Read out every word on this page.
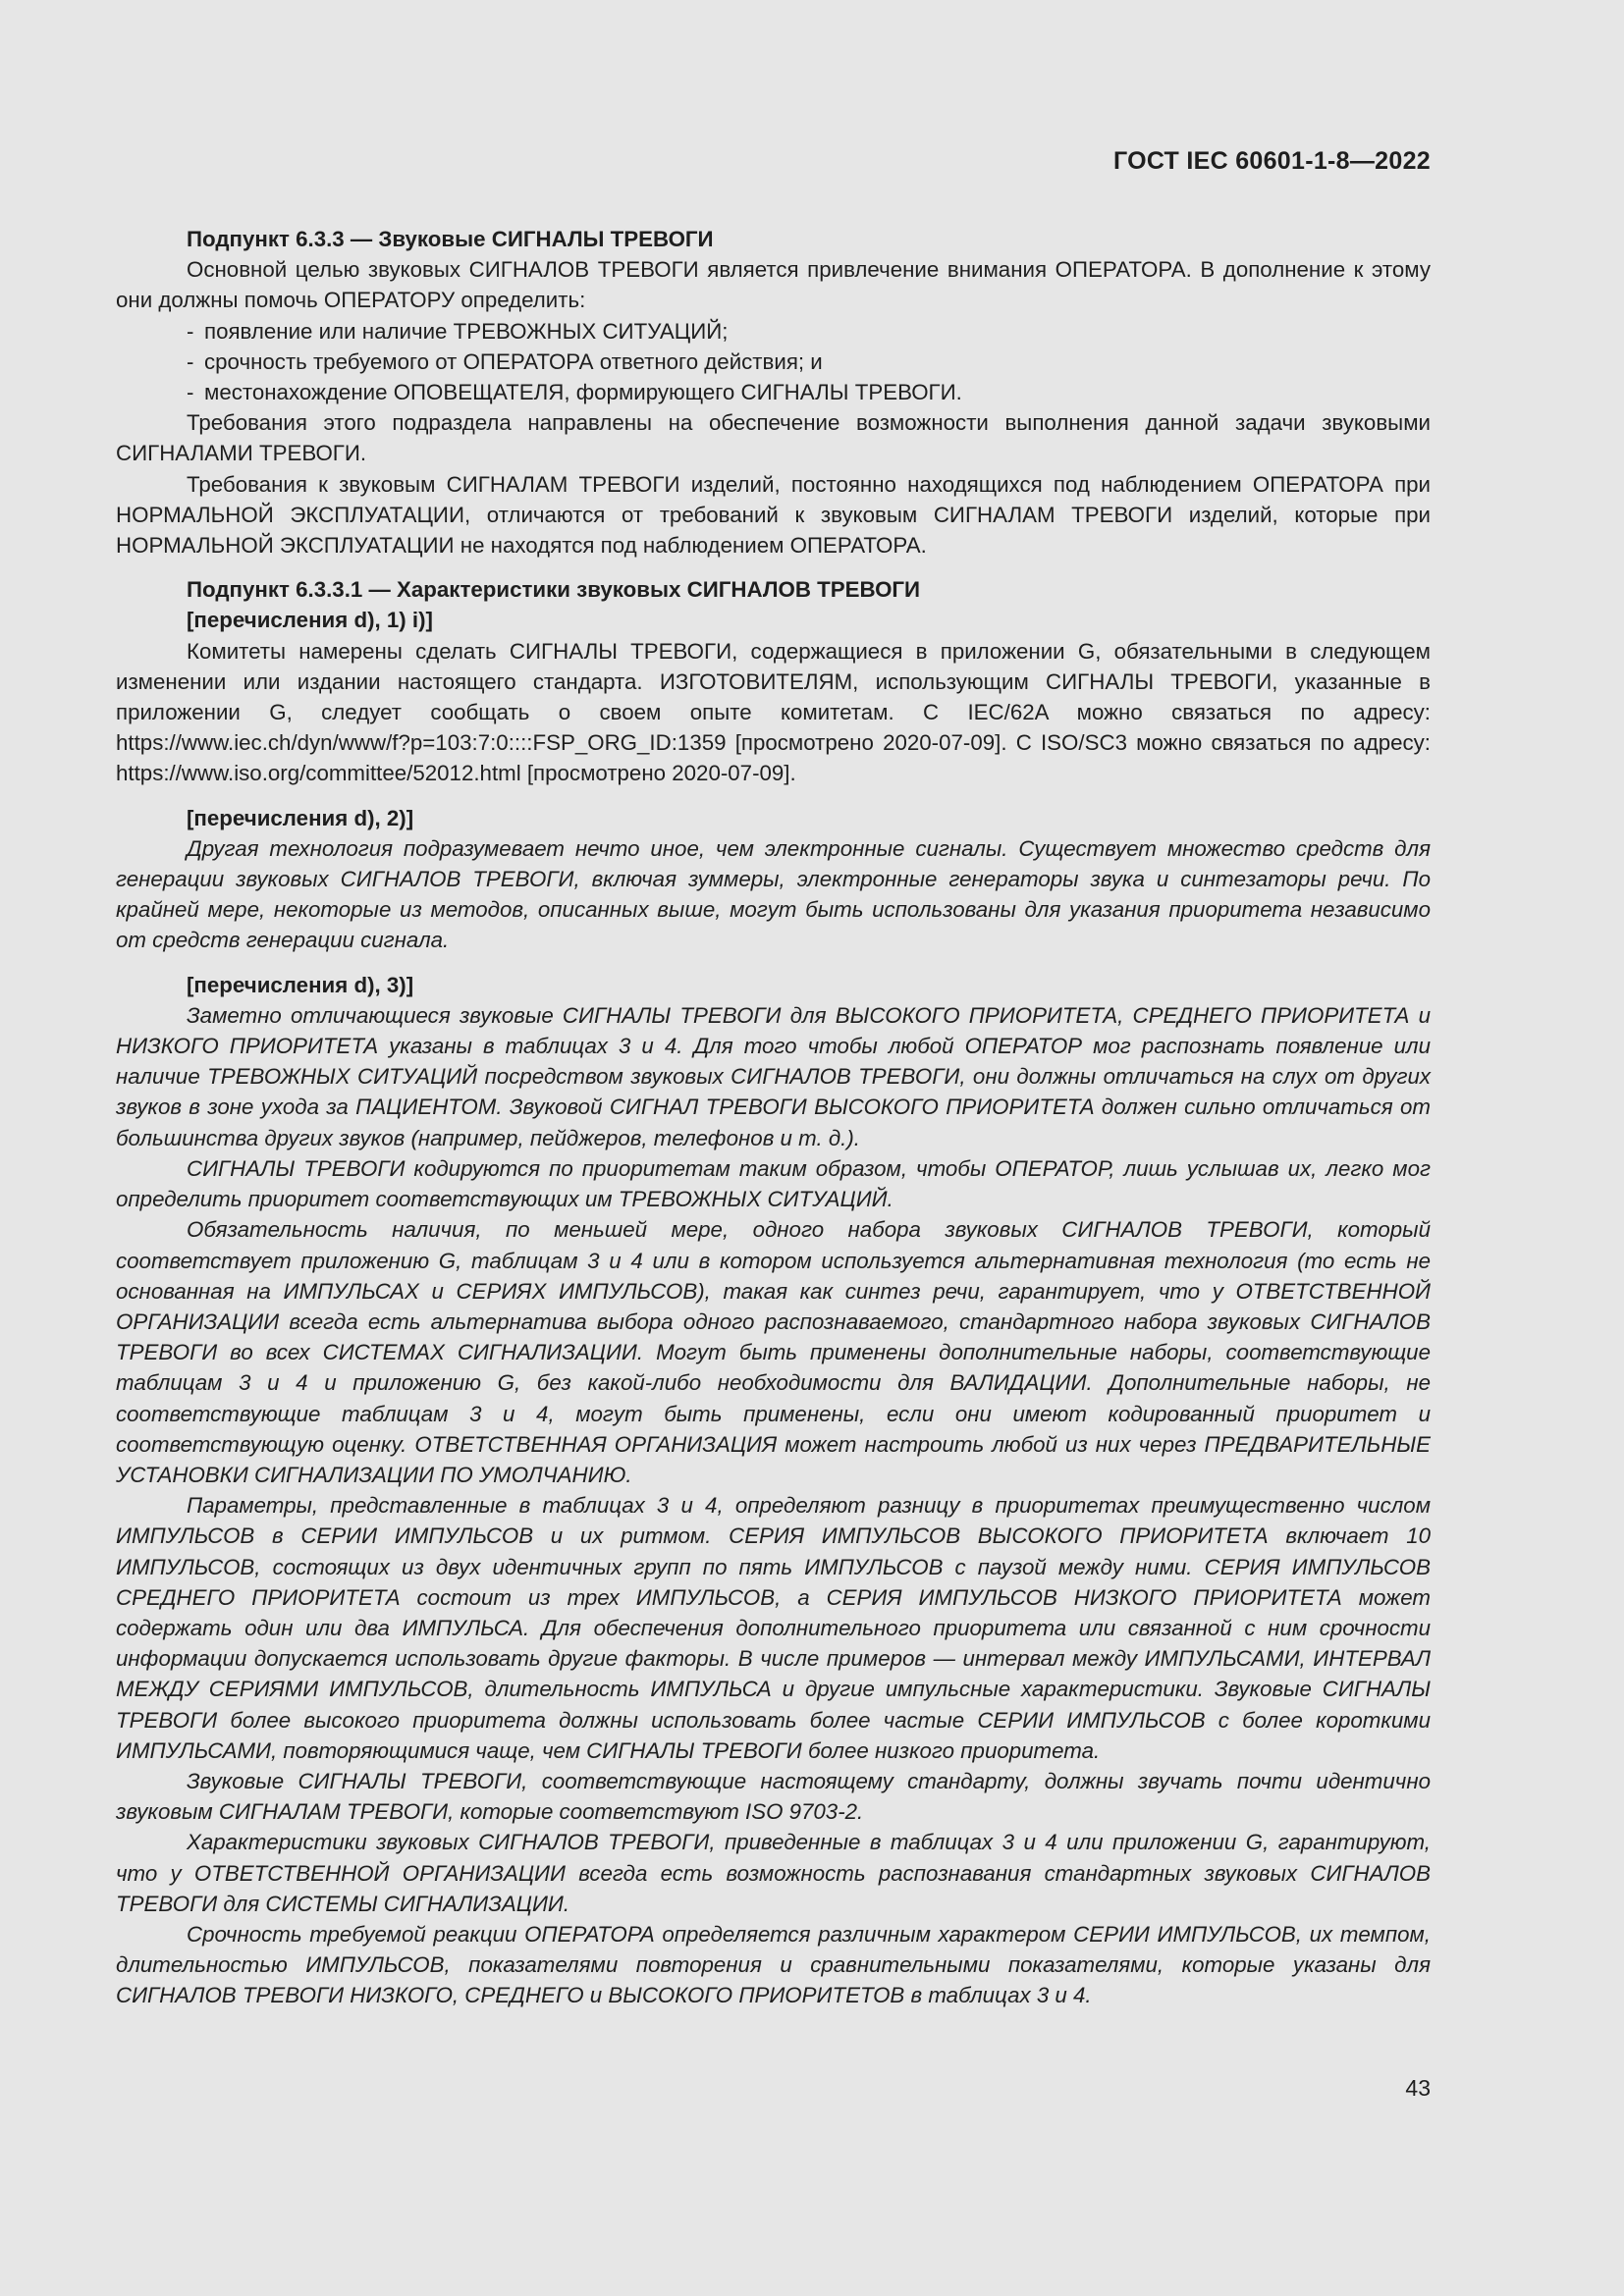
ГОСТ IEC 60601-1-8—2022

Подпункт 6.3.3 — Звуковые СИГНАЛЫ ТРЕВОГИ

Основной целью звуковых СИГНАЛОВ ТРЕВОГИ является привлечение внимания ОПЕРАТОРА. В дополнение к этому они должны помочь ОПЕРАТОРУ определить:

- появление или наличие ТРЕВОЖНЫХ СИТУАЦИЙ;

- срочность требуемого от ОПЕРАТОРА ответного действия; и

- местонахождение ОПОВЕЩАТЕЛЯ, формирующего СИГНАЛЫ ТРЕВОГИ.

Требования этого подраздела направлены на обеспечение возможности выполнения данной задачи звуковыми СИГНАЛАМИ ТРЕВОГИ.

Требования к звуковым СИГНАЛАМ ТРЕВОГИ изделий, постоянно находящихся под наблюдением ОПЕРАТОРА при НОРМАЛЬНОЙ ЭКСПЛУАТАЦИИ, отличаются от требований к звуковым СИГНАЛАМ ТРЕВОГИ изделий, которые при НОРМАЛЬНОЙ ЭКСПЛУАТАЦИИ не находятся под наблюдением ОПЕРАТОРА.

Подпункт 6.3.3.1 — Характеристики звуковых СИГНАЛОВ ТРЕВОГИ

[перечисления d), 1) i)]

Комитеты намерены сделать СИГНАЛЫ ТРЕВОГИ, содержащиеся в приложении G, обязательными в следующем изменении или издании настоящего стандарта. ИЗГОТОВИТЕЛЯМ, использующим СИГНАЛЫ ТРЕВОГИ, указанные в приложении G, следует сообщать о своем опыте комитетам. С IEC/62A можно связаться по адресу: https://www.iec.ch/dyn/www/f?p=103:7:0::::FSP_ORG_ID:1359 [просмотрено 2020-07-09]. С ISO/SC3 можно связаться по адресу: https://www.iso.org/committee/52012.html [просмотрено 2020-07-09].

[перечисления d), 2)]

Другая технология подразумевает нечто иное, чем электронные сигналы. Существует множество средств для генерации звуковых СИГНАЛОВ ТРЕВОГИ, включая зуммеры, электронные генераторы звука и синтезаторы речи. По крайней мере, некоторые из методов, описанных выше, могут быть использованы для указания приоритета независимо от средств генерации сигнала.

[перечисления d), 3)]

Заметно отличающиеся звуковые СИГНАЛЫ ТРЕВОГИ для ВЫСОКОГО ПРИОРИТЕТА, СРЕДНЕГО ПРИОРИТЕТА и НИЗКОГО ПРИОРИТЕТА указаны в таблицах 3 и 4. Для того чтобы любой ОПЕРАТОР мог распознать появление или наличие ТРЕВОЖНЫХ СИТУАЦИЙ посредством звуковых СИГНАЛОВ ТРЕВОГИ, они должны отличаться на слух от других звуков в зоне ухода за ПАЦИЕНТОМ. Звуковой СИГНАЛ ТРЕВОГИ ВЫСОКОГО ПРИОРИТЕТА должен сильно отличаться от большинства других звуков (например, пейджеров, телефонов и т. д.).

СИГНАЛЫ ТРЕВОГИ кодируются по приоритетам таким образом, чтобы ОПЕРАТОР, лишь услышав их, легко мог определить приоритет соответствующих им ТРЕВОЖНЫХ СИТУАЦИЙ.

Обязательность наличия, по меньшей мере, одного набора звуковых СИГНАЛОВ ТРЕВОГИ, который соответствует приложению G, таблицам 3 и 4 или в котором используется альтернативная технология (то есть не основанная на ИМПУЛЬСАХ и СЕРИЯХ ИМПУЛЬСОВ), такая как синтез речи, гарантирует, что у ОТВЕТСТВЕННОЙ ОРГАНИЗАЦИИ всегда есть альтернатива выбора одного распознаваемого, стандартного набора звуковых СИГНАЛОВ ТРЕВОГИ во всех СИСТЕМАХ СИГНАЛИЗАЦИИ. Могут быть применены дополнительные наборы, соответствующие таблицам 3 и 4 и приложению G, без какой-либо необходимости для ВАЛИДАЦИИ. Дополнительные наборы, не соответствующие таблицам 3 и 4, могут быть применены, если они имеют кодированный приоритет и соответствующую оценку. ОТВЕТСТВЕННАЯ ОРГАНИЗАЦИЯ может настроить любой из них через ПРЕДВАРИТЕЛЬНЫЕ УСТАНОВКИ СИГНАЛИЗАЦИИ ПО УМОЛЧАНИЮ.

Параметры, представленные в таблицах 3 и 4, определяют разницу в приоритетах преимущественно числом ИМПУЛЬСОВ в СЕРИИ ИМПУЛЬСОВ и их ритмом. СЕРИЯ ИМПУЛЬСОВ ВЫСОКОГО ПРИОРИТЕТА включает 10 ИМПУЛЬСОВ, состоящих из двух идентичных групп по пять ИМПУЛЬСОВ с паузой между ними. СЕРИЯ ИМПУЛЬСОВ СРЕДНЕГО ПРИОРИТЕТА состоит из трех ИМПУЛЬСОВ, а СЕРИЯ ИМПУЛЬСОВ НИЗКОГО ПРИОРИТЕТА может содержать один или два ИМПУЛЬСА. Для обеспечения дополнительного приоритета или связанной с ним срочности информации допускается использовать другие факторы. В числе примеров — интервал между ИМПУЛЬСАМИ, ИНТЕРВАЛ МЕЖДУ СЕРИЯМИ ИМПУЛЬСОВ, длительность ИМПУЛЬСА и другие импульсные характеристики. Звуковые СИГНАЛЫ ТРЕВОГИ более высокого приоритета должны использовать более частые СЕРИИ ИМПУЛЬСОВ с более короткими ИМПУЛЬСАМИ, повторяющимися чаще, чем СИГНАЛЫ ТРЕВОГИ более низкого приоритета.

Звуковые СИГНАЛЫ ТРЕВОГИ, соответствующие настоящему стандарту, должны звучать почти идентично звуковым СИГНАЛАМ ТРЕВОГИ, которые соответствуют ISO 9703-2.

Характеристики звуковых СИГНАЛОВ ТРЕВОГИ, приведенные в таблицах 3 и 4 или приложении G, гарантируют, что у ОТВЕТСТВЕННОЙ ОРГАНИЗАЦИИ всегда есть возможность распознавания стандартных звуковых СИГНАЛОВ ТРЕВОГИ для СИСТЕМЫ СИГНАЛИЗАЦИИ.

Срочность требуемой реакции ОПЕРАТОРА определяется различным характером СЕРИИ ИМПУЛЬСОВ, их темпом, длительностью ИМПУЛЬСОВ, показателями повторения и сравнительными показателями, которые указаны для СИГНАЛОВ ТРЕВОГИ НИЗКОГО, СРЕДНЕГО и ВЫСОКОГО ПРИОРИТЕТОВ в таблицах 3 и 4.

43
